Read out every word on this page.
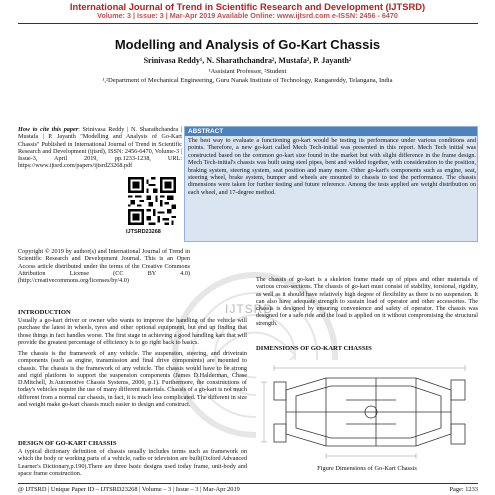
International Journal of Trend in Scientific Research and Development (IJTSRD)
Volume: 3 | Issue: 3 | Mar-Apr 2019 Available Online: www.ijtsrd.com e-ISSN: 2456 - 6470
Modelling and Analysis of Go-Kart Chassis
Srinivasa Reddy¹, N. Sharathchandra², Mustafa², P. Jayanth²
¹Assistant Professor, ²Student
¹,²Department of Mechanical Engineering, Guru Nanak Institute of Technology, Rangareddy, Telangana, India
How to cite this paper: Srinivasa Reddy | N. Sharathchandra | Mustafa | P. Jayanth "Modelling and Analysis of Go-Kart Chassis" Published in International Journal of Trend in Scientific Research and Development (ijtsrd), ISSN: 2456-6470, Volume-3 | Issue-3, April 2019, pp.1233-1238, URL: https://www.ijtsrd.com/papers/ijtsrd23268.pdf
IJTSRD23268
ABSTRACT
The best way to evaluate a functioning go-kart would be testing its performance under various conditions and points. Therefore, a new go-kart called Mech Tech-initial was presented in this report. Mech Tech initial was constructed based on the common go-kart size found in the market but with slight difference in the frame design. Mech Tech-initial's chassis was built using steel pipes, bent and welded together, with consideration to the position, braking system, steering system, seat position and many more. Other go-kart's components such as engine, seat, steering wheel, brake system, bumper and wheels are mounted to chassis to test the performance. The chassis dimensions were taken for further testing and future reference. Among the tests applied are weight distribution on each wheel, and 17-degree method.
Copyright © 2019 by author(s) and International Journal of Trend in Scientific Research and Development Journal. This is an Open Access article distributed under the terms of the Creative Commons Attribution License (CC BY 4.0) (http://creativecommons.org/licenses/by/4.0)
IJTSRD
INTRODUCTION
Usually a go-kart driver or owner who wants to improve the handling of the vehicle will purchase the latest in wheels, tyres and other optional equipment, but end up finding that those things in fact handles worse. The first stage in achieving a good handling kart that will provide the greatest percentage of efficiency is to go right back to basics.
The chassis is the framework of any vehicle. The suspension, steering, and drivetrain components (such as engine, transmission and final drive components) are mounted to chassis. The chassis is the framework of any vehicle. The chassis would have to be strong and rigid platform to support the suspension components (James D.Halderman, Chase D.Mitchell, Jr.Automotive Chassis Systems, 2000, p.1). Furthermore, the constructions of today's vehicles require the use of many different materials. Chassis of a go-kart is not much different from a normal car chassis, in fact, it is much less complicated. The different in size and weight make go-kart chassis much easier to design and construct.
DESIGN OF GO-KART CHASSIS
A typical dictionary definition of chassis usually includes terms such as framework on which the body or working parts of a vehicle, radio or television are built(Oxford Advanced Learner's Dictionary,p.190).There are three basic designs used today frame, unit-body and space frame construction.
The chassis of go-kart is a skeleton frame made up of pipes and other materials of various cross-sections. The chassis of go-kart must consist of stability, torsional, rigidity, as well as it should have relatively high degree of flexibility as there is no suspension. It can also have adequate strength to sustain load of operator and other accessories. The chassis is designed by ensuring convenience and safety of operator. The chassis was designed for a safe ride and the load is applied on it without compromising the structural strength.
DIMENSIONS OF GO-KART CHASSIS
Figure Dimensions of Go-Kart Chassis
@ IJTSRD | Unique Paper ID – IJTSRD23268 | Volume – 3 | Issue – 3 | Mar-Apr 2019	Page: 1233
